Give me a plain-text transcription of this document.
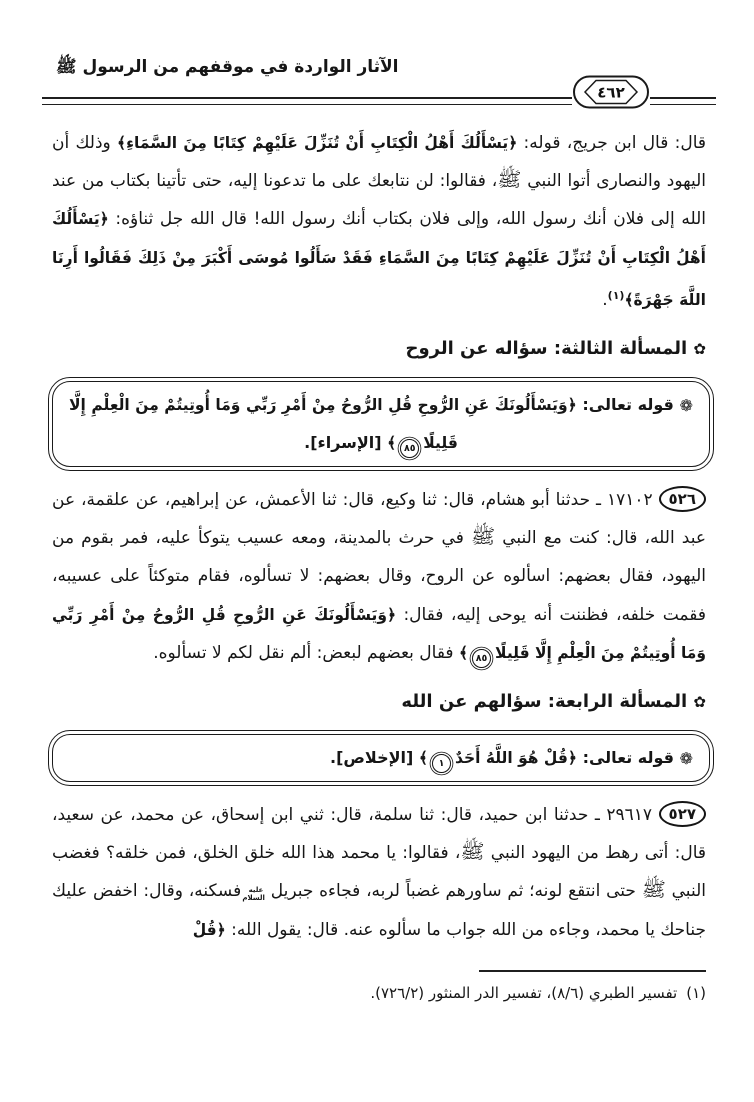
الآثار الواردة في موقفهم من الرسول ﷺ
٤٦٢

قال: قال ابن جريج، قوله: ﴿يَسْأَلُكَ أَهْلُ الْكِتَابِ أَنْ تُنَزِّلَ عَلَيْهِمْ كِتَابًا مِنَ السَّمَاءِ﴾ وذلك أن اليهود والنصارى أتوا النبي ﷺ، فقالوا: لن نتابعك على ما تدعونا إليه، حتى تأتينا بكتاب من عند الله إلى فلان أنك رسول الله، وإلى فلان بكتاب أنك رسول الله! قال الله جل ثناؤه: ﴿يَسْأَلُكَ أَهْلُ الْكِتَابِ أَنْ تُنَزِّلَ عَلَيْهِمْ كِتَابًا مِنَ السَّمَاءِ فَقَدْ سَأَلُوا مُوسَى أَكْبَرَ مِنْ ذَلِكَ فَقَالُوا أَرِنَا اللَّهَ جَهْرَةً﴾$^{(١)}$.

✿ المسألة الثالثة: سؤاله عن الروح

❁ قوله تعالى: ﴿وَيَسْأَلُونَكَ عَنِ الرُّوحِ قُلِ الرُّوحُ مِنْ أَمْرِ رَبِّي وَمَا أُوتِيتُمْ مِنَ الْعِلْمِ إِلَّا قَلِيلًا٨٥﴾ [الإسراء].

٥٢٦ ١٧١٠٢ ـ حدثنا أبو هشام، قال: ثنا وكيع، قال: ثنا الأعمش، عن إبراهيم، عن علقمة، عن عبد الله، قال: كنت مع النبي ﷺ في حرث بالمدينة، ومعه عسيب يتوكأ عليه، فمر بقوم من اليهود، فقال بعضهم: اسألوه عن الروح، وقال بعضهم: لا تسألوه، فقام متوكئاً على عسيبه، فقمت خلفه، فظننت أنه يوحى إليه، فقال: ﴿وَيَسْأَلُونَكَ عَنِ الرُّوحِ قُلِ الرُّوحُ مِنْ أَمْرِ رَبِّي وَمَا أُوتِيتُمْ مِنَ الْعِلْمِ إِلَّا قَلِيلًا٨٥﴾ فقال بعضهم لبعض: ألم نقل لكم لا تسألوه.

✿ المسألة الرابعة: سؤالهم عن الله

❁ قوله تعالى: ﴿قُلْ هُوَ اللَّهُ أَحَدٌ١﴾ [الإخلاص].

٥٢٧ ٢٩٦١٧ ـ حدثنا ابن حميد، قال: ثنا سلمة، قال: ثني ابن إسحاق، عن محمد، عن سعيد، قال: أتى رهط من اليهود النبي ﷺ، فقالوا: يا محمد هذا الله خلق الخلق، فمن خلقه؟ فغضب النبي ﷺ حتى انتقع لونه؛ ثم ساورهم غضباً لربه، فجاءه جبريل عليه السلام فسكنه، وقال: اخفض عليك جناحك يا محمد، وجاءه من الله جواب ما سألوه عنه. قال: يقول الله: ﴿قُلْ

(١)تفسير الطبري (٨/٦)، تفسير الدر المنثور (٧٢٦/٢).
